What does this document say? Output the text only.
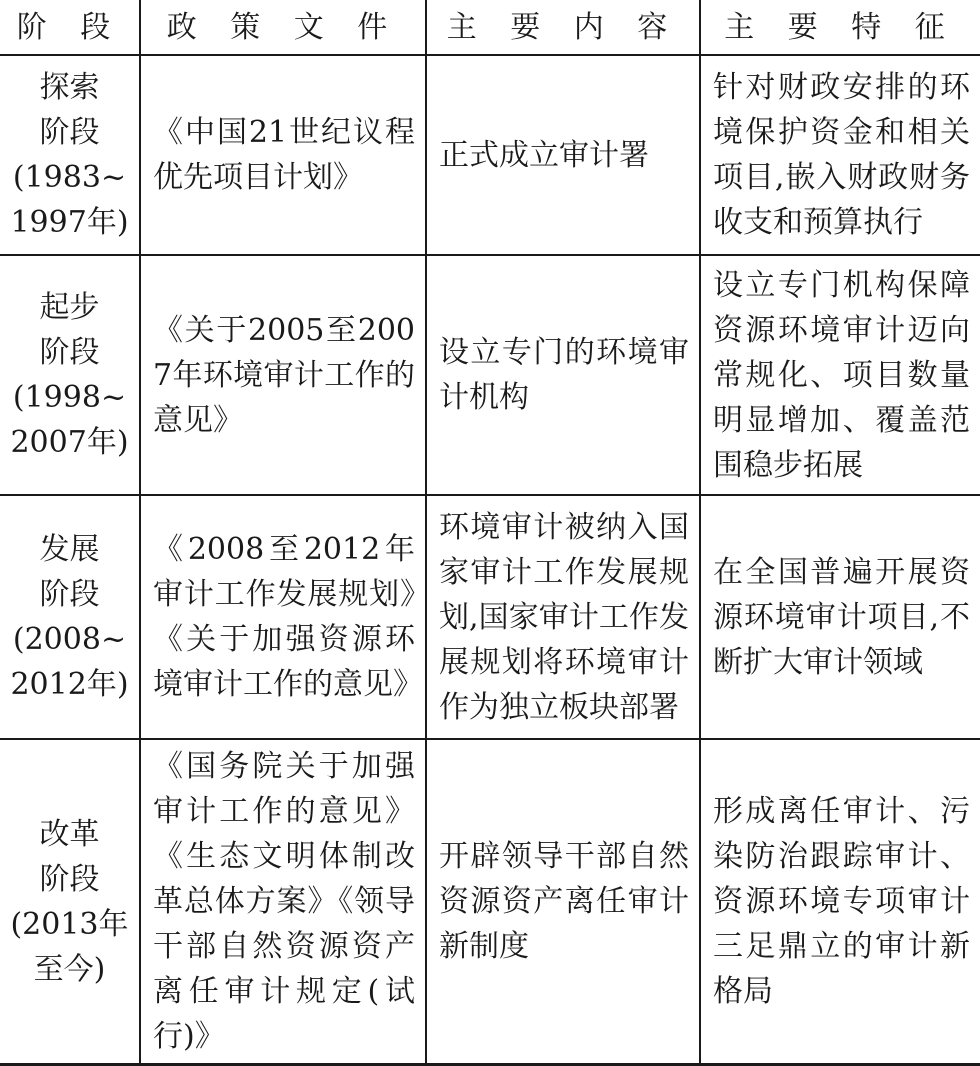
阶 段	政 策 文 件	主 要 内 容	主 要 特 征

探索
阶段
(1983~
1997年)	《中国21世纪议程优先项目计划》	正式成立审计署	针对财政安排的环境保护资金和相关项目,嵌入财政财务收支和预算执行

起步
阶段
(1998~
2007年)	《关于2005至2007年环境审计工作的意见》	设立专门的环境审计机构	设立专门机构保障资源环境审计迈向常规化、项目数量明显增加、覆盖范围稳步拓展

发展
阶段
(2008~
2012年)	《2008至2012年审计工作发展规划》《关于加强资源环境审计工作的意见》	环境审计被纳入国家审计工作发展规划,国家审计工作发展规划将环境审计作为独立板块部署	在全国普遍开展资源环境审计项目,不断扩大审计领域

改革
阶段
(2013年
至今)	《国务院关于加强审计工作的意见》《生态文明体制改革总体方案》《领导干部自然资源资产离任审计规定(试行)》	开辟领导干部自然资源资产离任审计新制度	形成离任审计、污染防治跟踪审计、资源环境专项审计三足鼎立的审计新格局
